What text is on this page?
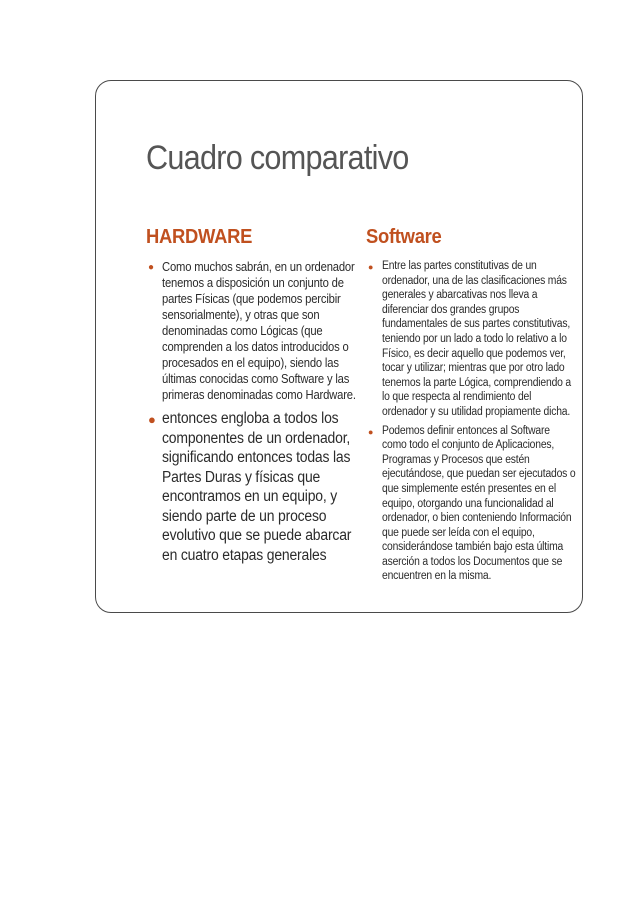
Cuadro comparativo
HARDWARE
● Como muchos sabrán, en un ordenador tenemos a disposición un conjunto de partes Físicas (que podemos percibir sensorialmente), y otras que son denominadas como Lógicas (que comprenden a los datos introducidos o procesados en el equipo), siendo las últimas conocidas como Software y las primeras denominadas como Hardware.
● entonces engloba a todos los componentes de un ordenador, significando entonces todas las Partes Duras y físicas que encontramos en un equipo, y siendo parte de un proceso evolutivo que se puede abarcar en cuatro etapas generales
Software
● Entre las partes constitutivas de un ordenador, una de las clasificaciones más generales y abarcativas nos lleva a diferenciar dos grandes grupos fundamentales de sus partes constitutivas, teniendo por un lado a todo lo relativo a lo Físico, es decir aquello que podemos ver, tocar y utilizar; mientras que por otro lado tenemos la parte Lógica, comprendiendo a lo que respecta al rendimiento del ordenador y su utilidad propiamente dicha.
● Podemos definir entonces al Software como todo el conjunto de Aplicaciones, Programas y Procesos que estén ejecutándose, que puedan ser ejecutados o que simplemente estén presentes en el equipo, otorgando una funcionalidad al ordenador, o bien conteniendo Información que puede ser leída con el equipo, considerándose también bajo esta última aserción a todos los Documentos que se encuentren en la misma.
